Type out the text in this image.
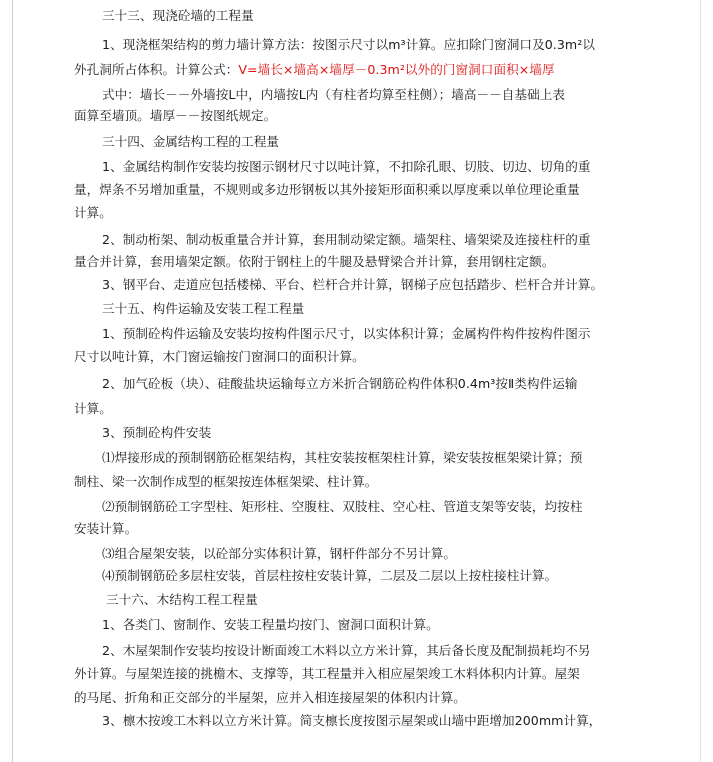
三十三、现浇砼墙的工程量
1、现浇框架结构的剪力墙计算方法：按图示尺寸以m³计算。应扣除门窗洞口及0.3m²以
外孔洞所占体积。计算公式：V=墙长×墙高×墙厚－0.3m²以外的门窗洞口面积×墙厚
式中：墙长－－外墙按L中，内墙按L内（有柱者均算至柱侧）；墙高－－自基础上表
面算至墙顶。墙厚－－按图纸规定。
三十四、金属结构工程的工程量
1、金属结构制作安装均按图示钢材尺寸以吨计算，不扣除孔眼、切肢、切边、切角的重
量，焊条不另增加重量，不规则或多边形钢板以其外接矩形面积乘以厚度乘以单位理论重量
计算。
2、制动桁架、制动板重量合并计算，套用制动梁定额。墙架柱、墙架梁及连接柱杆的重
量合并计算，套用墙架定额。依附于钢柱上的牛腿及悬臂梁合并计算，套用钢柱定额。
3、钢平台、走道应包括楼梯、平台、栏杆合并计算，钢梯子应包括踏步、栏杆合并计算。
三十五、构件运输及安装工程工程量
1、预制砼构件运输及安装均按构件图示尺寸，以实体积计算；金属构件构件按构件图示
尺寸以吨计算，木门窗运输按门窗洞口的面积计算。
2、加气砼板（块）、硅酸盐块运输每立方米折合钢筋砼构件体积0.4m³按Ⅱ类构件运输
计算。
3、预制砼构件安装
⑴焊接形成的预制钢筋砼框架结构，其柱安装按框架柱计算，梁安装按框架梁计算；预
制柱、梁一次制作成型的框架按连体框架梁、柱计算。
⑵预制钢筋砼工字型柱、矩形柱、空腹柱、双肢柱、空心柱、管道支架等安装，均按柱
安装计算。
⑶组合屋架安装，以砼部分实体积计算，钢杆件部分不另计算。
⑷预制钢筋砼多层柱安装，首层柱按柱安装计算，二层及二层以上按柱接柱计算。
三十六、木结构工程工程量
1、各类门、窗制作、安装工程量均按门、窗洞口面积计算。
2、木屋架制作安装均按设计断面竣工木料以立方米计算，其后备长度及配制损耗均不另
外计算。与屋架连接的挑檐木、支撑等，其工程量并入相应屋架竣工木料体积内计算。屋架
的马尾、折角和正交部分的半屋架，应并入相连接屋架的体积内计算。
3、檩木按竣工木料以立方米计算。简支檩长度按图示屋架或山墙中距增加200mm计算，
